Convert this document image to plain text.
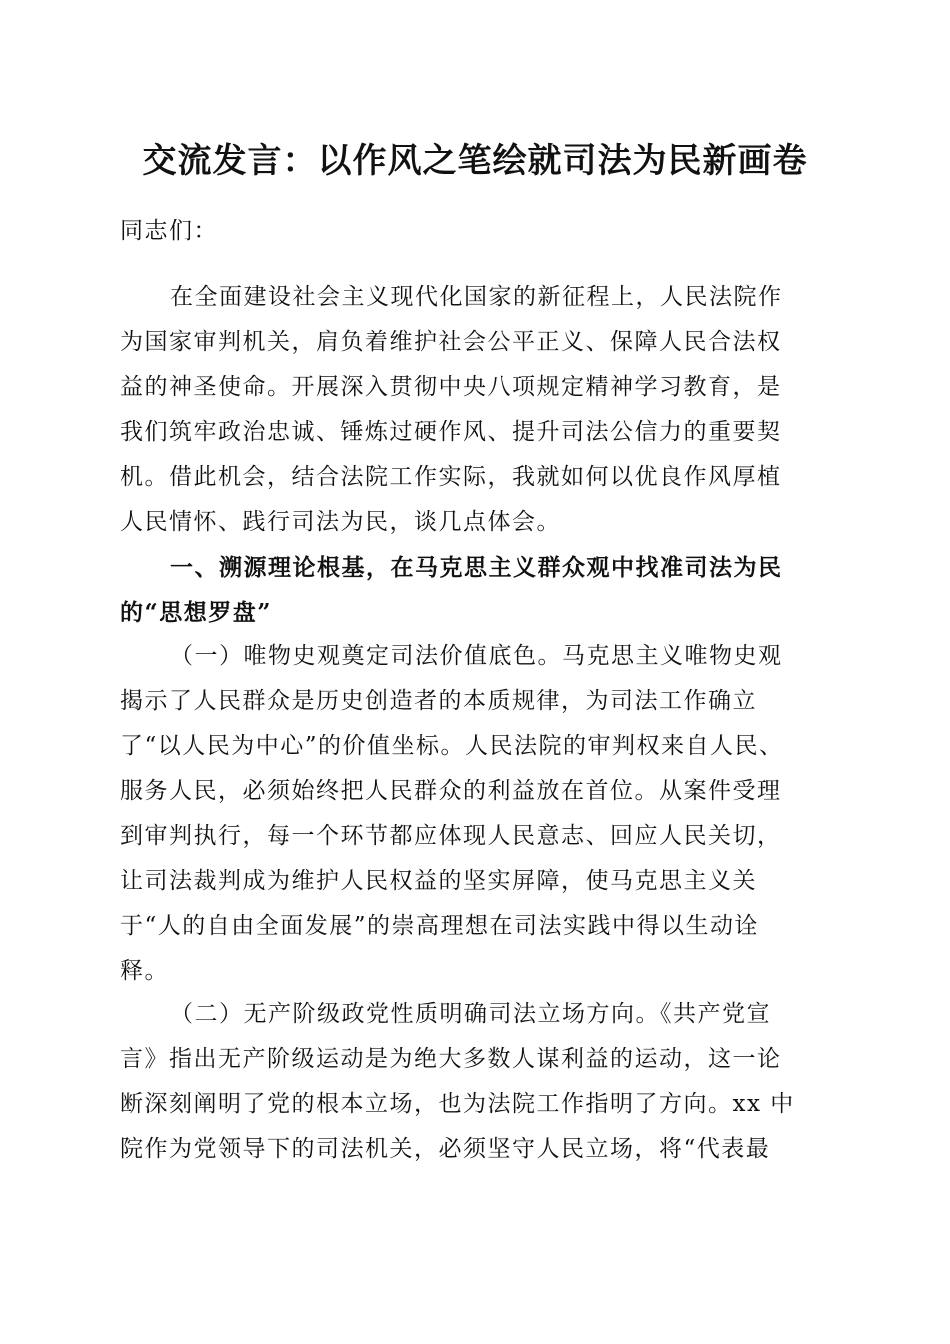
交流发言：以作风之笔绘就司法为民新画卷
同志们：
在全面建设社会主义现代化国家的新征程上，人民法院作
为国家审判机关，肩负着维护社会公平正义、保障人民合法权
益的神圣使命。开展深入贯彻中央八项规定精神学习教育，是
我们筑牢政治忠诚、锤炼过硬作风、提升司法公信力的重要契
机。借此机会，结合法院工作实际，我就如何以优良作风厚植
人民情怀、践行司法为民，谈几点体会。
一、溯源理论根基，在马克思主义群众观中找准司法为民
的“思想罗盘”
（一）唯物史观奠定司法价值底色。马克思主义唯物史观
揭示了人民群众是历史创造者的本质规律，为司法工作确立
了“以人民为中心”的价值坐标。人民法院的审判权来自人民、
服务人民，必须始终把人民群众的利益放在首位。从案件受理
到审判执行，每一个环节都应体现人民意志、回应人民关切，
让司法裁判成为维护人民权益的坚实屏障，使马克思主义关
于“人的自由全面发展”的崇高理想在司法实践中得以生动诠
释。
（二）无产阶级政党性质明确司法立场方向。《共产党宣
言》指出无产阶级运动是为绝大多数人谋利益的运动，这一论
断深刻阐明了党的根本立场，也为法院工作指明了方向。xx 中
院作为党领导下的司法机关，必须坚守人民立场，将“代表最
